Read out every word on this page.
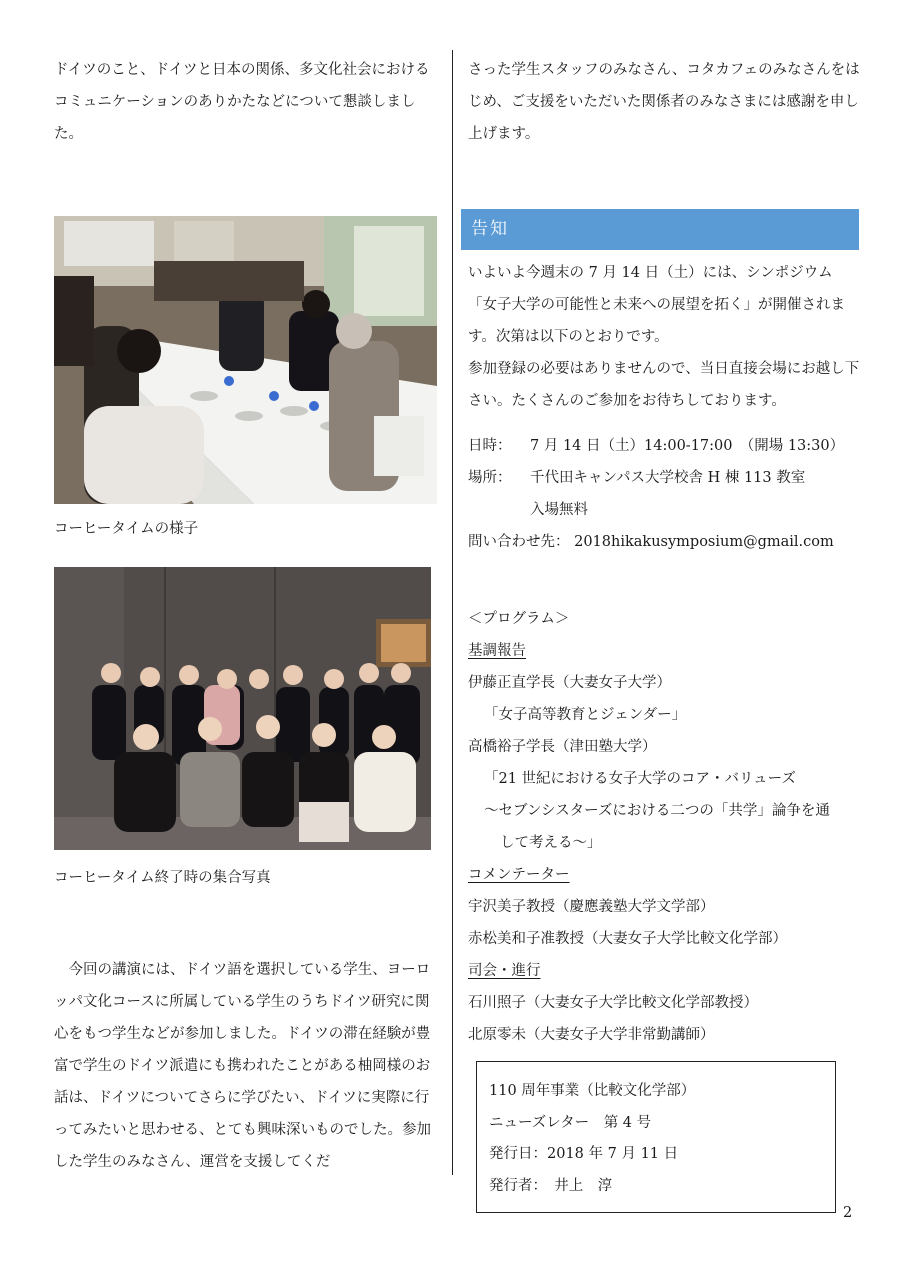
ドイツのこと、ドイツと日本の関係、多文化社会におけるコミュニケーションのありかたなどについて懇談しました。

コーヒータイムの様子
コーヒータイム終了時の集合写真

今回の講演には、ドイツ語を選択している学生、ヨーロッパ文化コースに所属している学生のうちドイツ研究に関心をもつ学生などが参加しました。ドイツの滞在経験が豊富で学生のドイツ派遣にも携われたことがある柚岡様のお話は、ドイツについてさらに学びたい、ドイツに実際に行ってみたいと思わせる、とても興味深いものでした。参加した学生のみなさん、運営を支援してくだ

さった学生スタッフのみなさん、コタカフェのみなさんをはじめ、ご支援をいただいた関係者のみなさまには感謝を申し上げます。

告知

いよいよ今週末の 7 月 14 日（土）には、シンポジウム「女子大学の可能性と未来への展望を拓く」が開催されます。次第は以下のとおりです。

参加登録の必要はありませんので、当日直接会場にお越し下さい。たくさんのご参加をお待ちしております。

日時： 7 月 14 日（土）14:00-17:00　（開場 13:30）

場所： 千代田キャンパス大学校舎 H 棟 113 教室

入場無料

問い合わせ先： 2018hikakusymposium@gmail.com

＜プログラム＞

基調報告

伊藤正直学長（大妻女子大学）

「女子高等教育とジェンダー」

高橋裕子学長（津田塾大学）

「21 世紀における女子大学のコア・バリューズ

～セブンシスターズにおける二つの「共学」論争を通

して考える～」

コメンテーター

宇沢美子教授（慶應義塾大学文学部）

赤松美和子准教授（大妻女子大学比較文化学部）

司会・進行

石川照子（大妻女子大学比較文化学部教授）

北原零未（大妻女子大学非常勤講師）

110 周年事業（比較文化学部）
ニューズレター　第 4 号
発行日：2018 年 7 月 11 日
発行者：　井上　淳
2
